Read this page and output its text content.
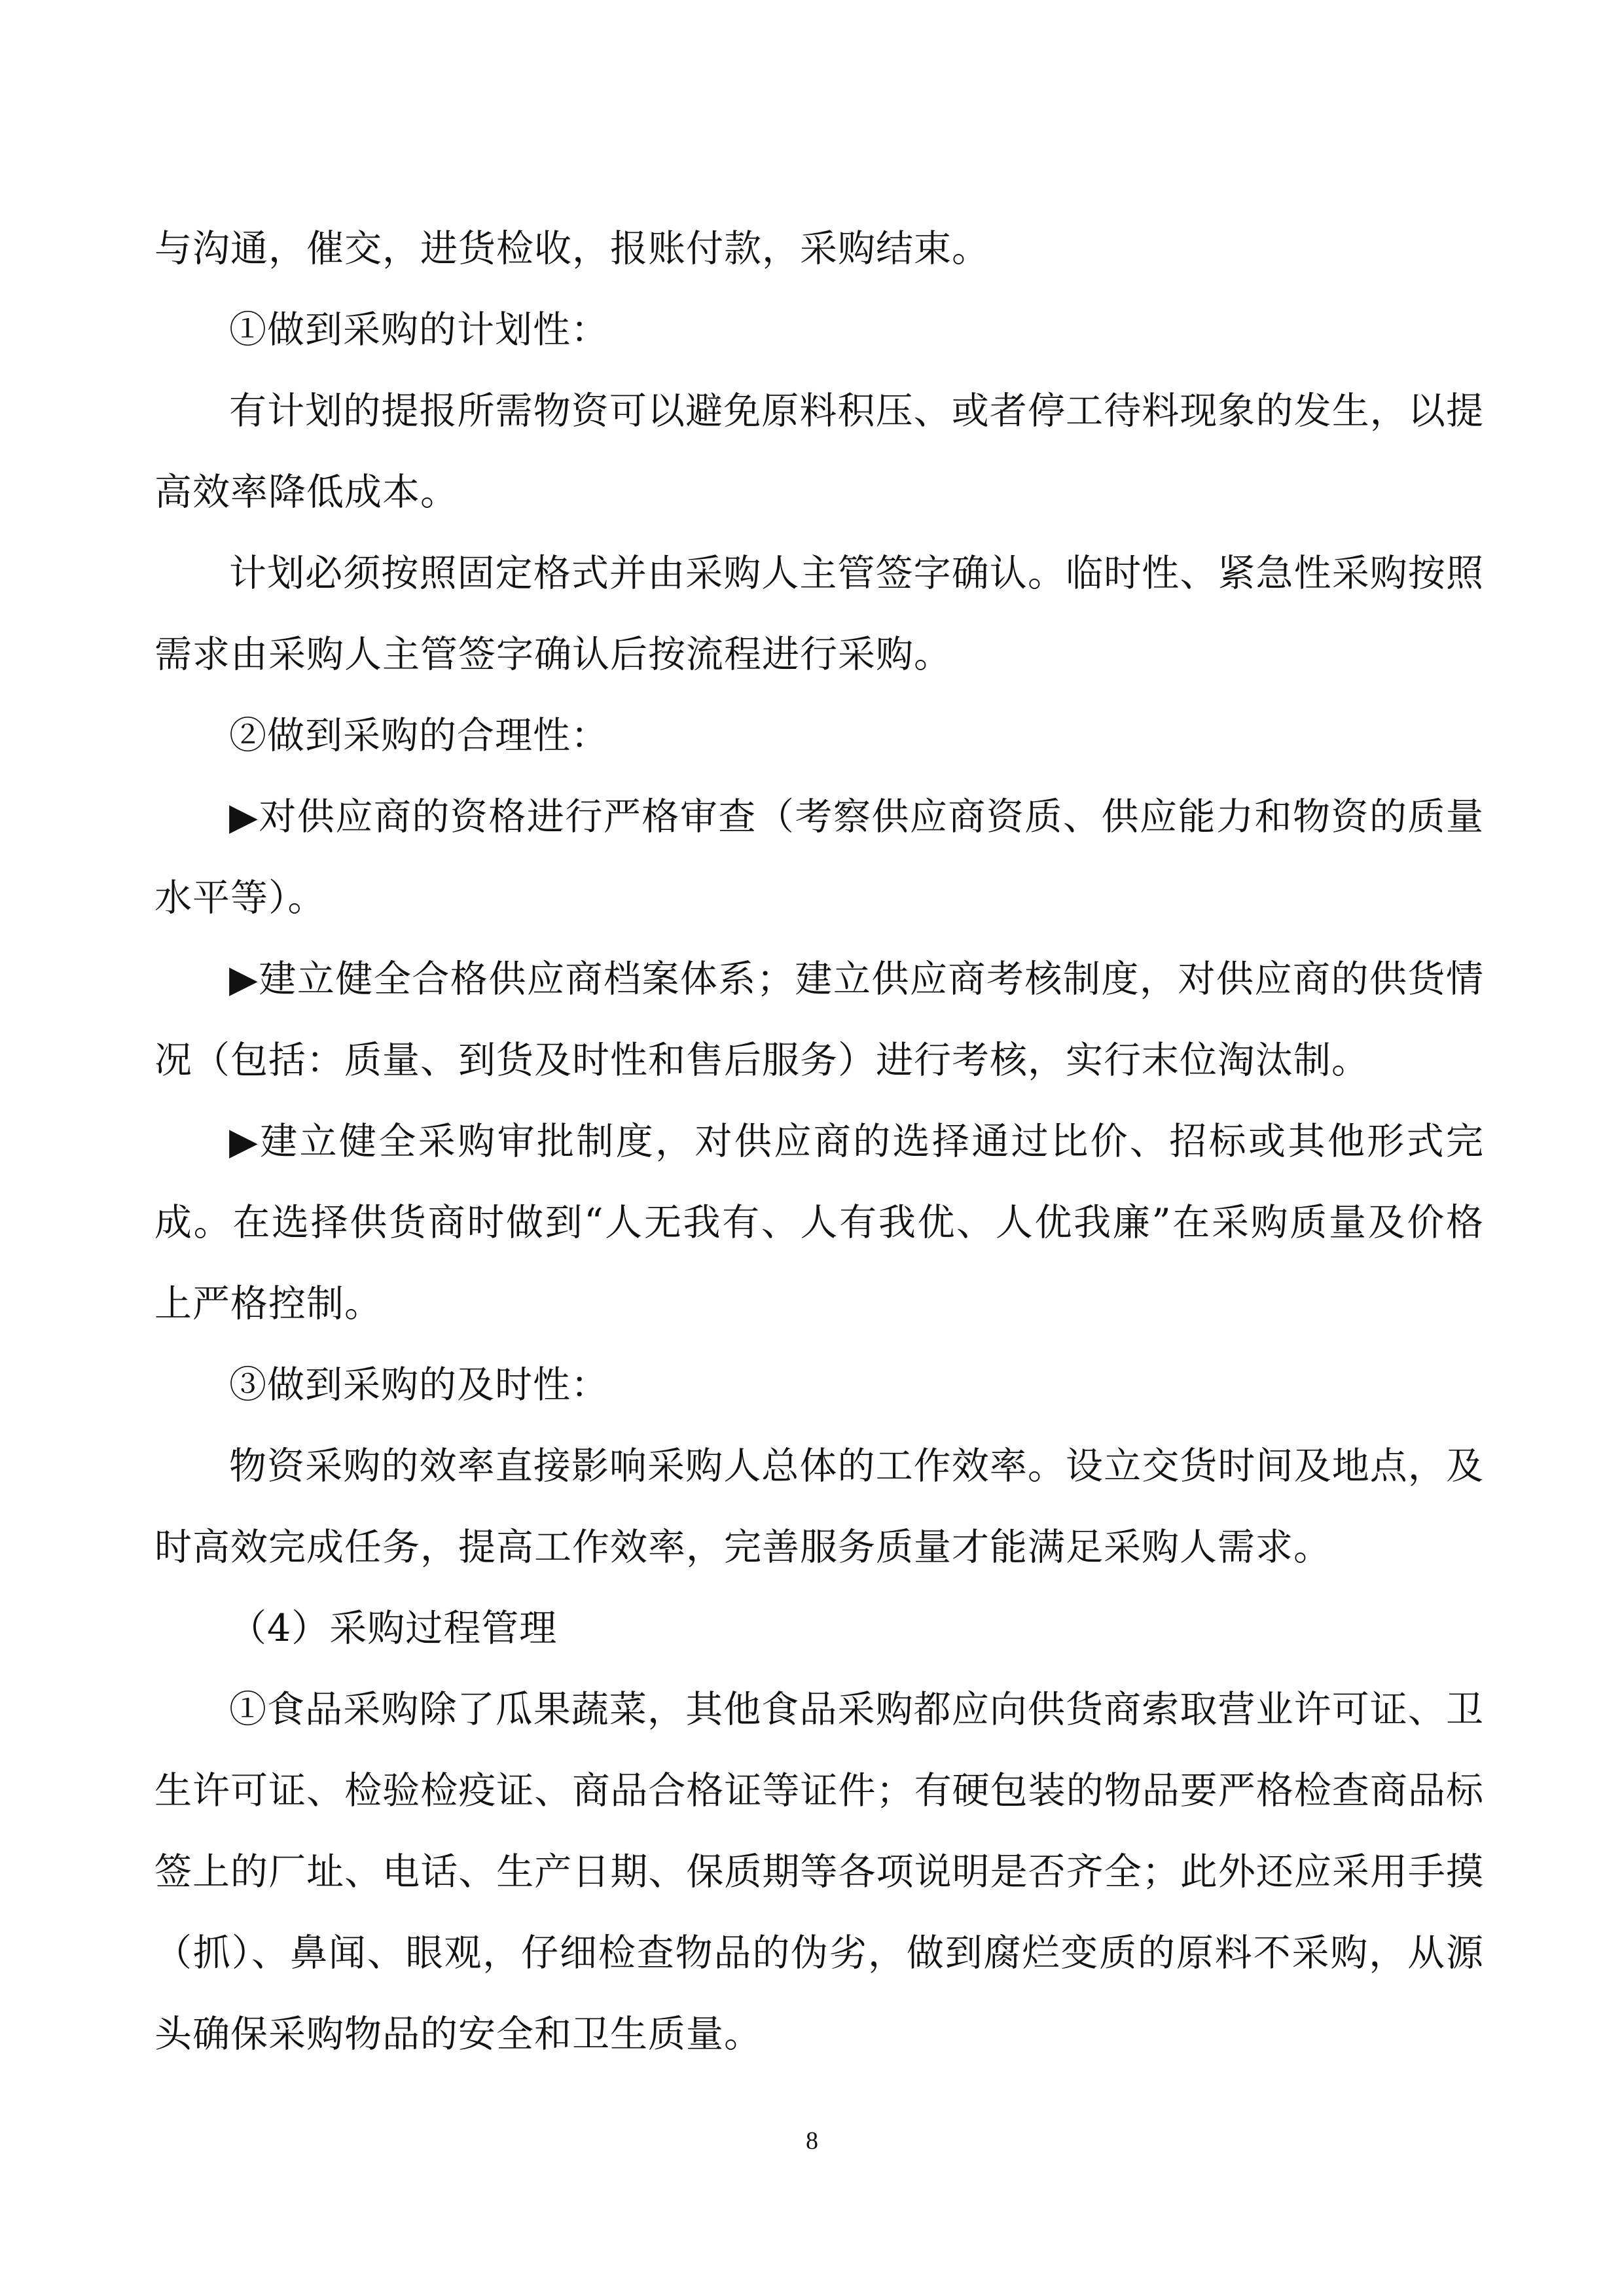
与沟通，催交，进货检收，报账付款，采购结束。

①做到采购的计划性：

有计划的提报所需物资可以避免原料积压、或者停工待料现象的发生，以提高效率降低成本。

计划必须按照固定格式并由采购人主管签字确认。临时性、紧急性采购按照需求由采购人主管签字确认后按流程进行采购。

②做到采购的合理性：

▶对供应商的资格进行严格审查（考察供应商资质、供应能力和物资的质量水平等）。

▶建立健全合格供应商档案体系；建立供应商考核制度，对供应商的供货情况（包括：质量、到货及时性和售后服务）进行考核，实行末位淘汰制。

▶建立健全采购审批制度，对供应商的选择通过比价、招标或其他形式完成。在选择供货商时做到“人无我有、人有我优、人优我廉”在采购质量及价格上严格控制。

③做到采购的及时性：

物资采购的效率直接影响采购人总体的工作效率。设立交货时间及地点，及时高效完成任务，提高工作效率，完善服务质量才能满足采购人需求。

（4）采购过程管理

①食品采购除了瓜果蔬菜，其他食品采购都应向供货商索取营业许可证、卫生许可证、检验检疫证、商品合格证等证件；有硬包装的物品要严格检查商品标签上的厂址、电话、生产日期、保质期等各项说明是否齐全；此外还应采用手摸（抓）、鼻闻、眼观，仔细检查物品的伪劣，做到腐烂变质的原料不采购，从源头确保采购物品的安全和卫生质量。

8
